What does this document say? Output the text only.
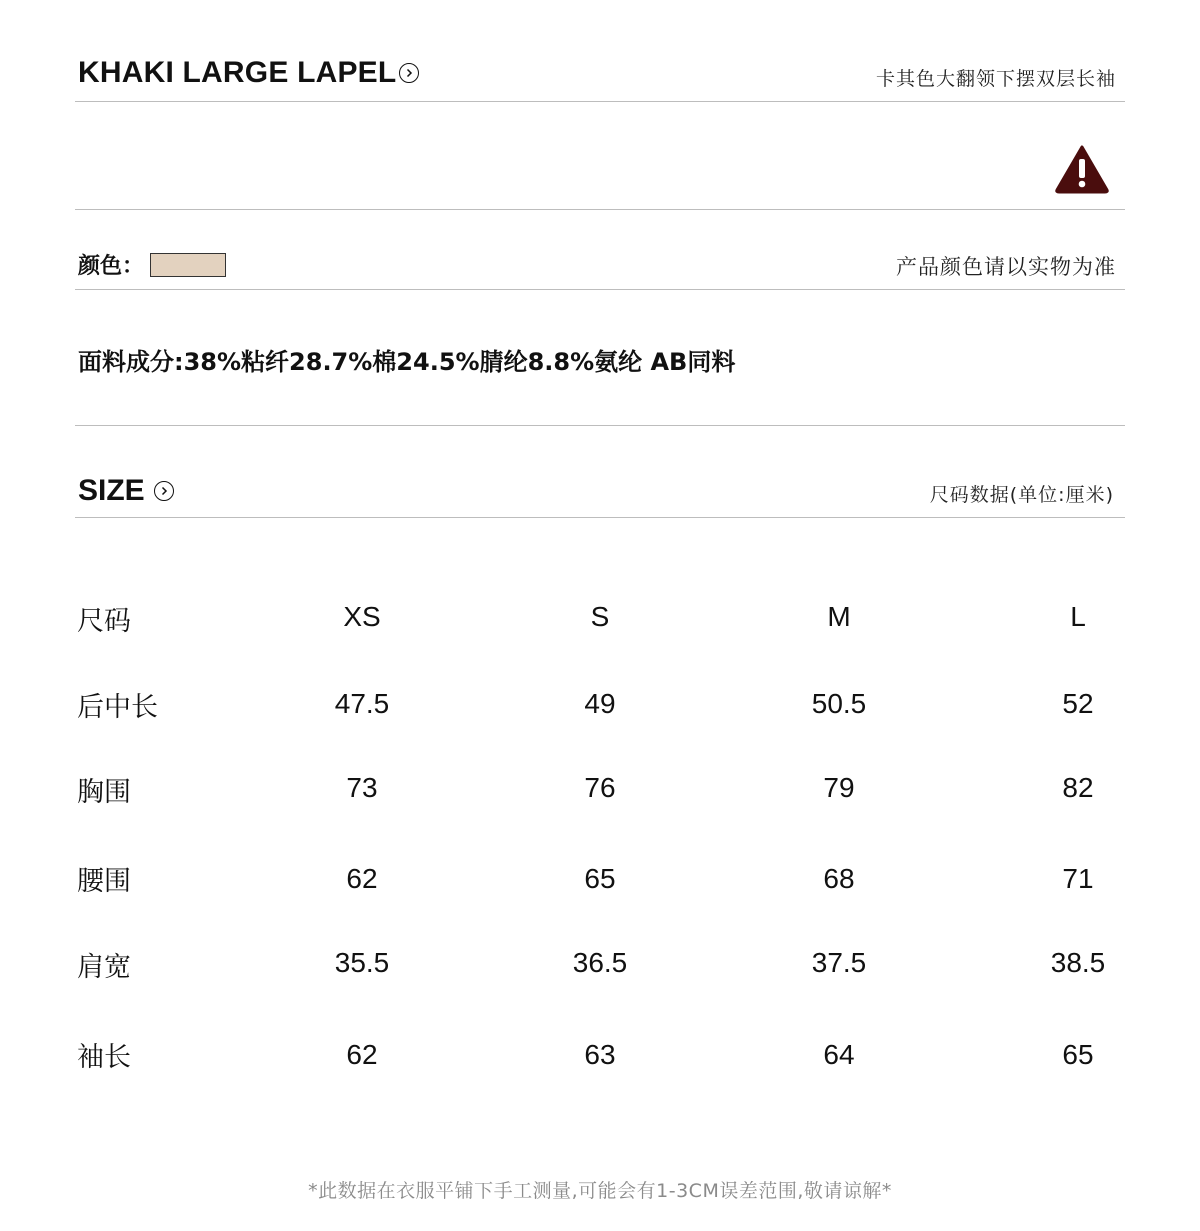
KHAKI LARGE LAPEL	卡其色大翻领下摆双层长袖
颜色：	产品颜色请以实物为准
面料成分:38%粘纤28.7%棉24.5%腈纶8.8%氨纶 AB同料
SIZE	尺码数据(单位:厘米)
尺码	XS	S	M	L
后中长	47.5	49	50.5	52
胸围	73	76	79	82
腰围	62	65	68	71
肩宽	35.5	36.5	37.5	38.5
袖长	62	63	64	65
*此数据在衣服平铺下手工测量,可能会有1-3CM误差范围,敬请谅解*
